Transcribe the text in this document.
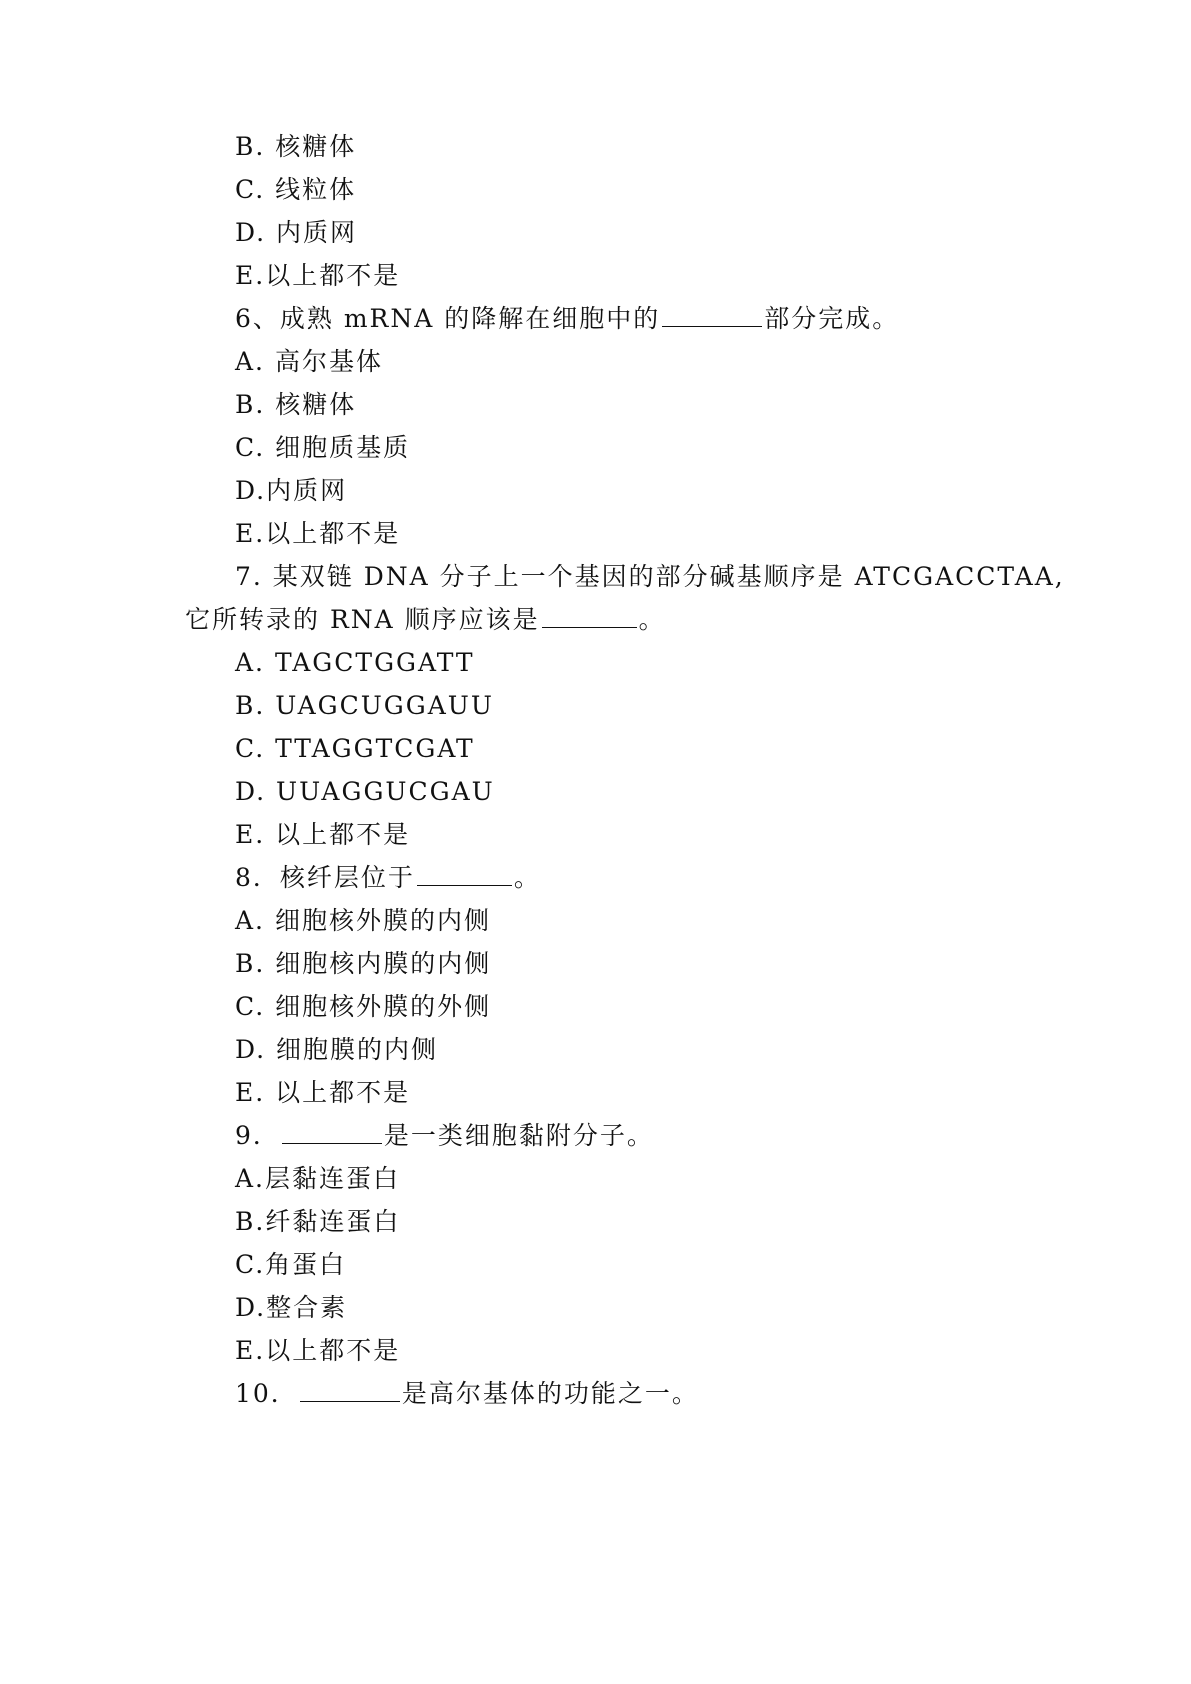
B. 核糖体
C. 线粒体
D. 内质网
E.以上都不是
6、成熟 mRNA 的降解在细胞中的	部分完成。
A. 高尔基体
B. 核糖体
C. 细胞质基质
D.内质网
E.以上都不是
7. 某双链 DNA 分子上一个基因的部分碱基顺序是 ATCGACCTAA,
它所转录的 RNA 顺序应该是	。
A. TAGCTGGATT
B. UAGCUGGAUU
C. TTAGGTCGAT
D. UUAGGUCGAU
E. 以上都不是
8．核纤层位于	。
A. 细胞核外膜的内侧
B. 细胞核内膜的内侧
C. 细胞核外膜的外侧
D. 细胞膜的内侧
E. 以上都不是
9．	是一类细胞黏附分子。
A.层黏连蛋白
B.纤黏连蛋白
C.角蛋白
D.整合素
E.以上都不是
10．	是高尔基体的功能之一。
